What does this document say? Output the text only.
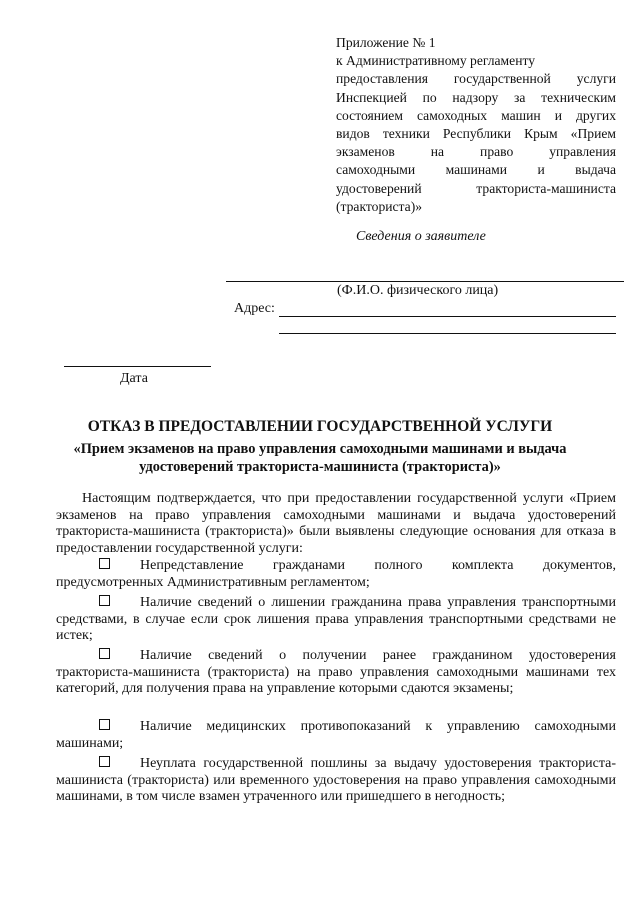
Приложение № 1
к Административному регламенту
предоставления государственной услуги
Инспекцией по надзору за техническим
состоянием самоходных машин и других
видов техники Республики Крым «Прием
экзаменов на право управления
самоходными машинами и выдача
удостоверений тракториста-машиниста
(тракториста)»
Сведения о заявителе
(Ф.И.О. физического лица)
Адрес:
Дата
ОТКАЗ В ПРЕДОСТАВЛЕНИИ ГОСУДАРСТВЕННОЙ УСЛУГИ
«Прием экзаменов на право управления самоходными машинами и выдача
удостоверений тракториста-машиниста (тракториста)»
Настоящим подтверждается, что при предоставлении государственной услуги «Прием экзаменов на право управления самоходными машинами и выдача удостоверений тракториста-машиниста (тракториста)» были выявлены следующие основания для отказа в предоставлении государственной услуги:
Непредставление гражданами полного комплекта документов, предусмотренных Административным регламентом;
Наличие сведений о лишении гражданина права управления транспортными средствами, в случае если срок лишения права управления транспортными средствами не истек;
Наличие сведений о получении ранее гражданином удостоверения тракториста-машиниста (тракториста) на право управления самоходными машинами тех категорий, для получения права на управление которыми сдаются экзамены;
Наличие медицинских противопоказаний к управлению самоходными машинами;
Неуплата государственной пошлины за выдачу удостоверения тракториста-машиниста (тракториста) или временного удостоверения на право управления самоходными машинами, в том числе взамен утраченного или пришедшего в негодность;
